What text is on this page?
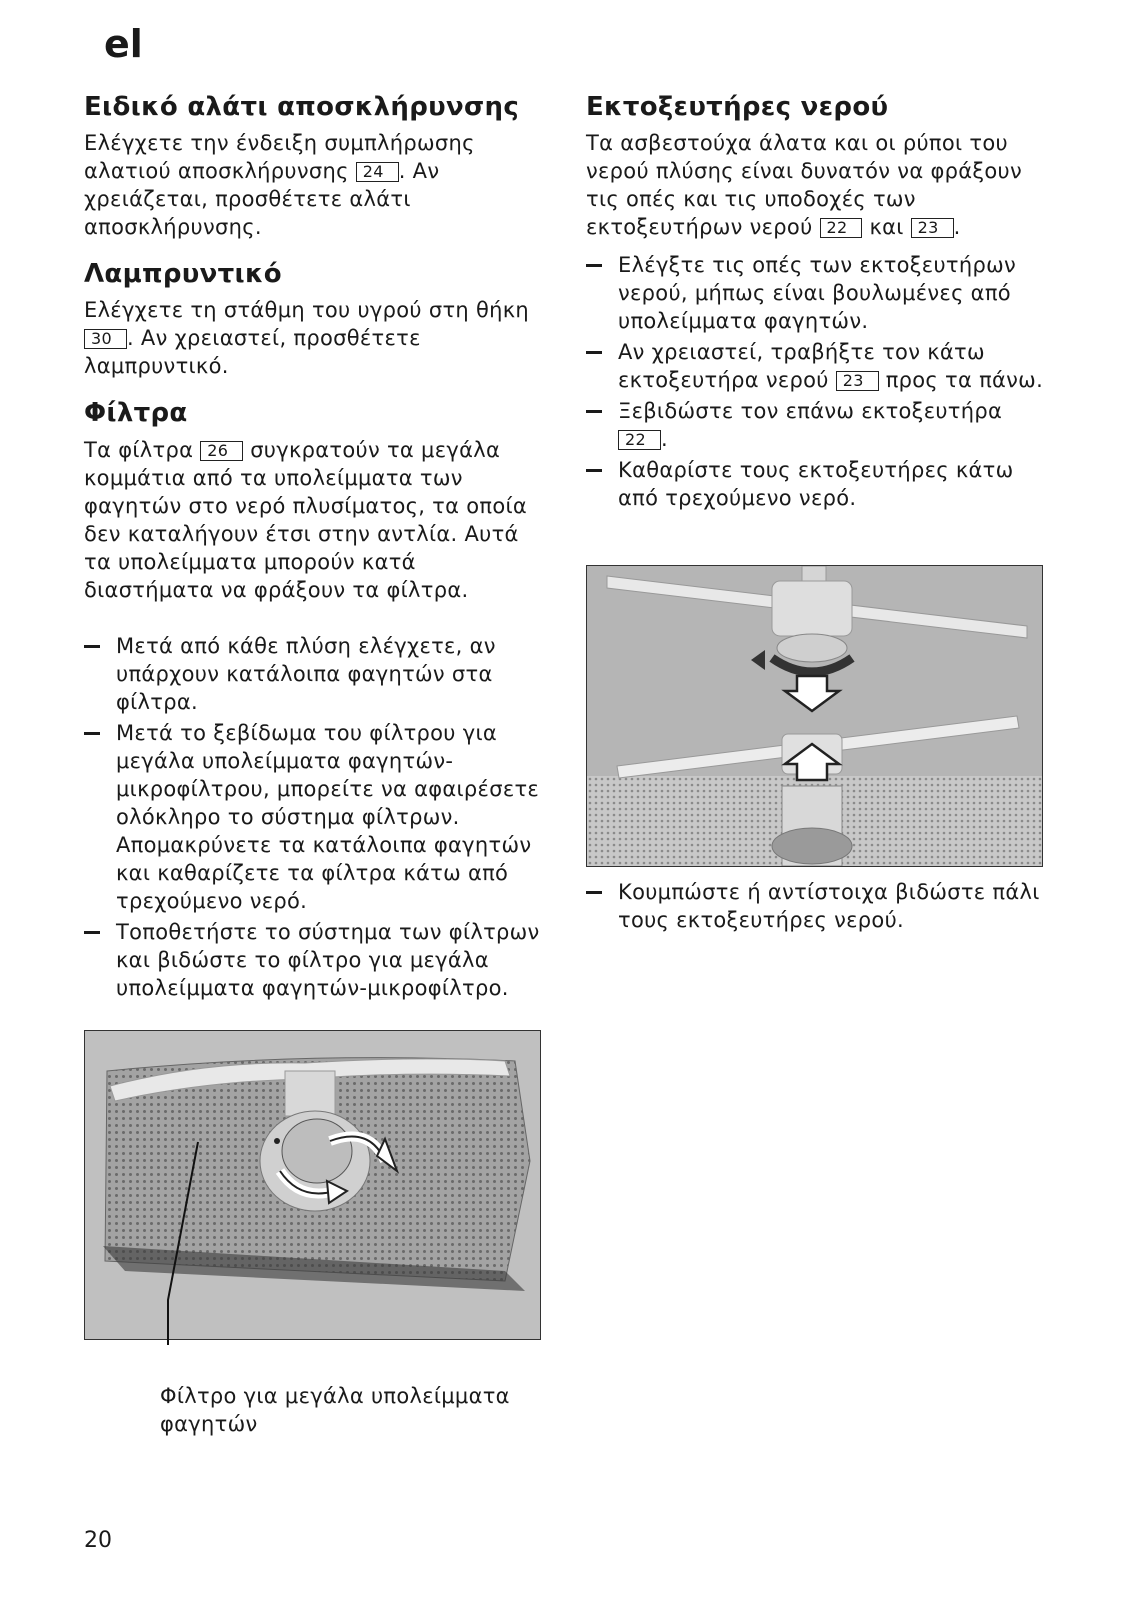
el
Ειδικό αλάτι αποσκλήρυνσης

Ελέγχετε την ένδειξη συμπλήρωσης αλατιού αποσκλήρυνσης 24 . Αν χρειάζεται, προσθέτετε αλάτι αποσκλήρυνσης.

Λαμπρυντικό

Ελέγχετε τη στάθμη του υγρού στη θήκη 30 . Αν χρειαστεί, προσθέτετε λαμπρυντικό.

Φίλτρα

Τα φίλτρα 26 συγκρατούν τα μεγάλα κομμάτια από τα υπολείμματα των φαγητών στο νερό πλυσίματος, τα οποία δεν καταλήγουν έτσι στην αντλία. Αυτά τα υπολείμματα μπορούν κατά διαστήματα να φράξουν τα φίλτρα.

Μετά από κάθε πλύση ελέγχετε, αν υπάρχουν κατάλοιπα φαγητών στα φίλτρα.
Μετά το ξεβίδωμα του φίλτρου για μεγάλα υπολείμματα φαγητών-μικροφίλτρου, μπορείτε να αφαιρέσετε ολόκληρο το σύστημα φίλτρων. Απομακρύνετε τα κατάλοιπα φαγητών και καθαρίζετε τα φίλτρα κάτω από τρεχούμενο νερό.
Τοποθετήστε το σύστημα των φίλτρων και βιδώστε το φίλτρο για μεγάλα υπολείμματα φαγητών-μικροφίλτρο.
Εκτοξευτήρες νερού

Τα ασβεστούχα άλατα και οι ρύποι του νερού πλύσης είναι δυνατόν να φράξουν τις οπές και τις υποδοχές των εκτοξευτήρων νερού 22 και 23 .

Ελέγξτε τις οπές των εκτοξευτήρων νερού, μήπως είναι βουλωμένες από υπολείμματα φαγητών.
Αν χρειαστεί, τραβήξτε τον κάτω εκτοξευτήρα νερού 23 προς τα πάνω.
Ξεβιδώστε τον επάνω εκτοξευτήρα 22 .
Καθαρίστε τους εκτοξευτήρες κάτω από τρεχούμενο νερό.
Κουμπώστε ή αντίστοιχα βιδώστε πάλι τους εκτοξευτήρες νερού.
Φίλτρο για μεγάλα υπολείμματα φαγητών
20
